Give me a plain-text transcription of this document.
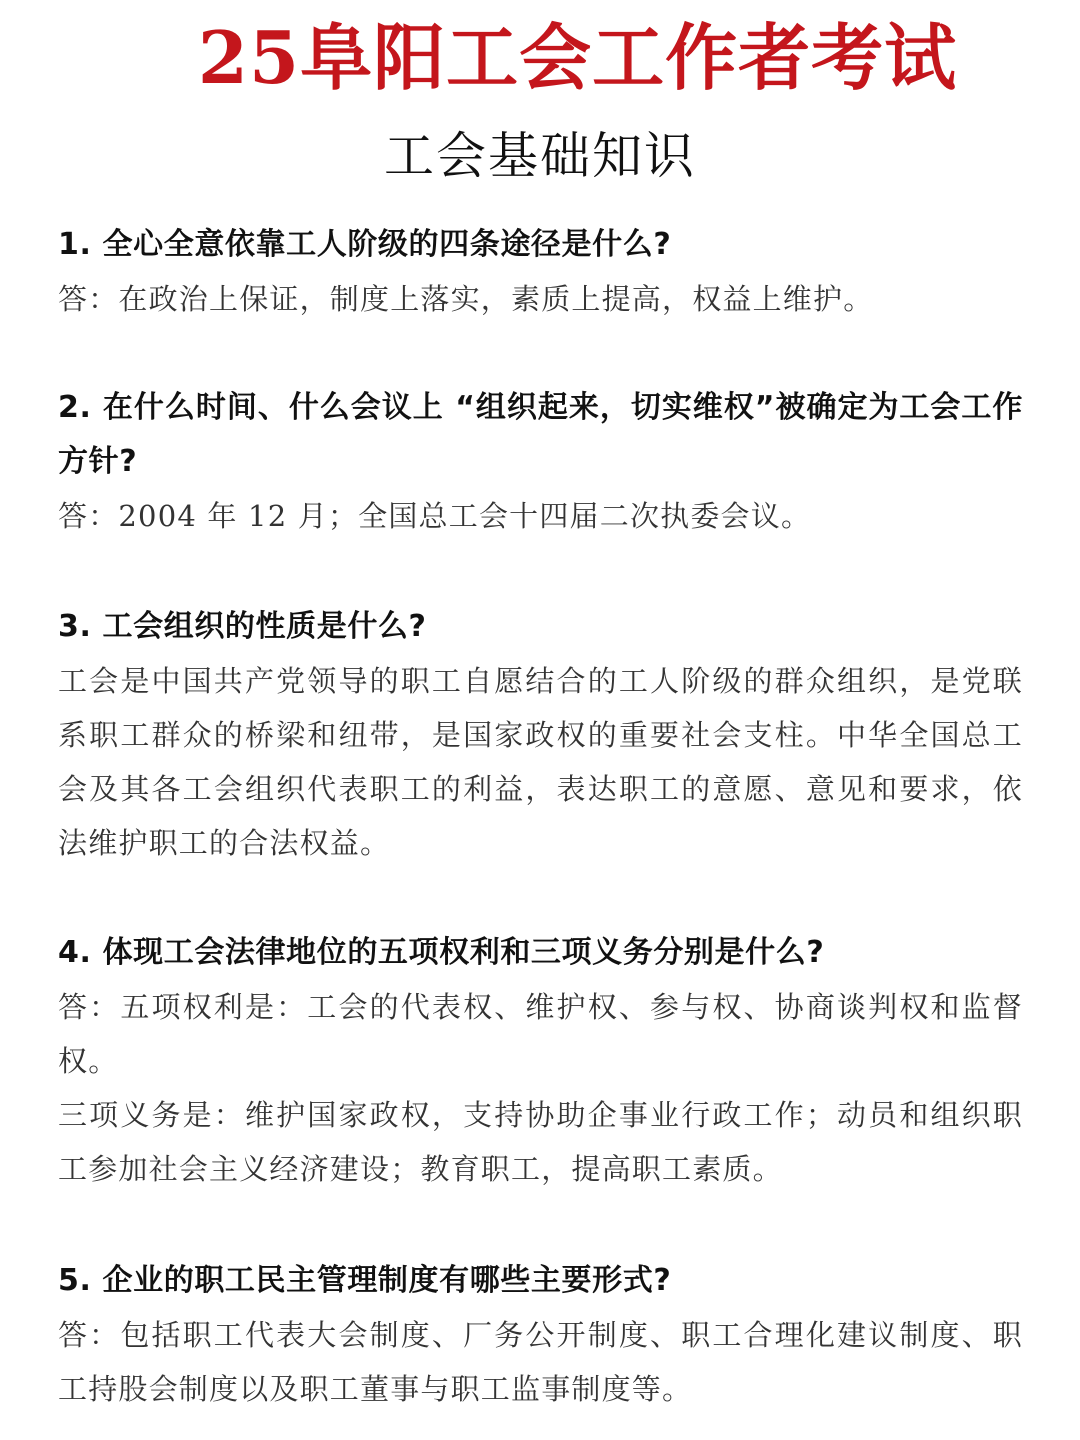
25阜阳工会工作者考试
工会基础知识

1. 全心全意依靠工人阶级的四条途径是什么?

答：在政治上保证，制度上落实，素质上提高，权益上维护。

2. 在什么时间、什么会议上 “组织起来，切实维权”被确定为工会工作方针?

答：2004 年 12 月；全国总工会十四届二次执委会议。

3. 工会组织的性质是什么?

工会是中国共产党领导的职工自愿结合的工人阶级的群众组织，是党联系职工群众的桥梁和纽带，是国家政权的重要社会支柱。中华全国总工会及其各工会组织代表职工的利益，表达职工的意愿、意见和要求，依法维护职工的合法权益。

4. 体现工会法律地位的五项权利和三项义务分别是什么?

答：五项权利是：工会的代表权、维护权、参与权、协商谈判权和监督权。

三项义务是：维护国家政权，支持协助企事业行政工作；动员和组织职工参加社会主义经济建设；教育职工，提高职工素质。

5. 企业的职工民主管理制度有哪些主要形式?

答：包括职工代表大会制度、厂务公开制度、职工合理化建议制度、职工持股会制度以及职工董事与职工监事制度等。
